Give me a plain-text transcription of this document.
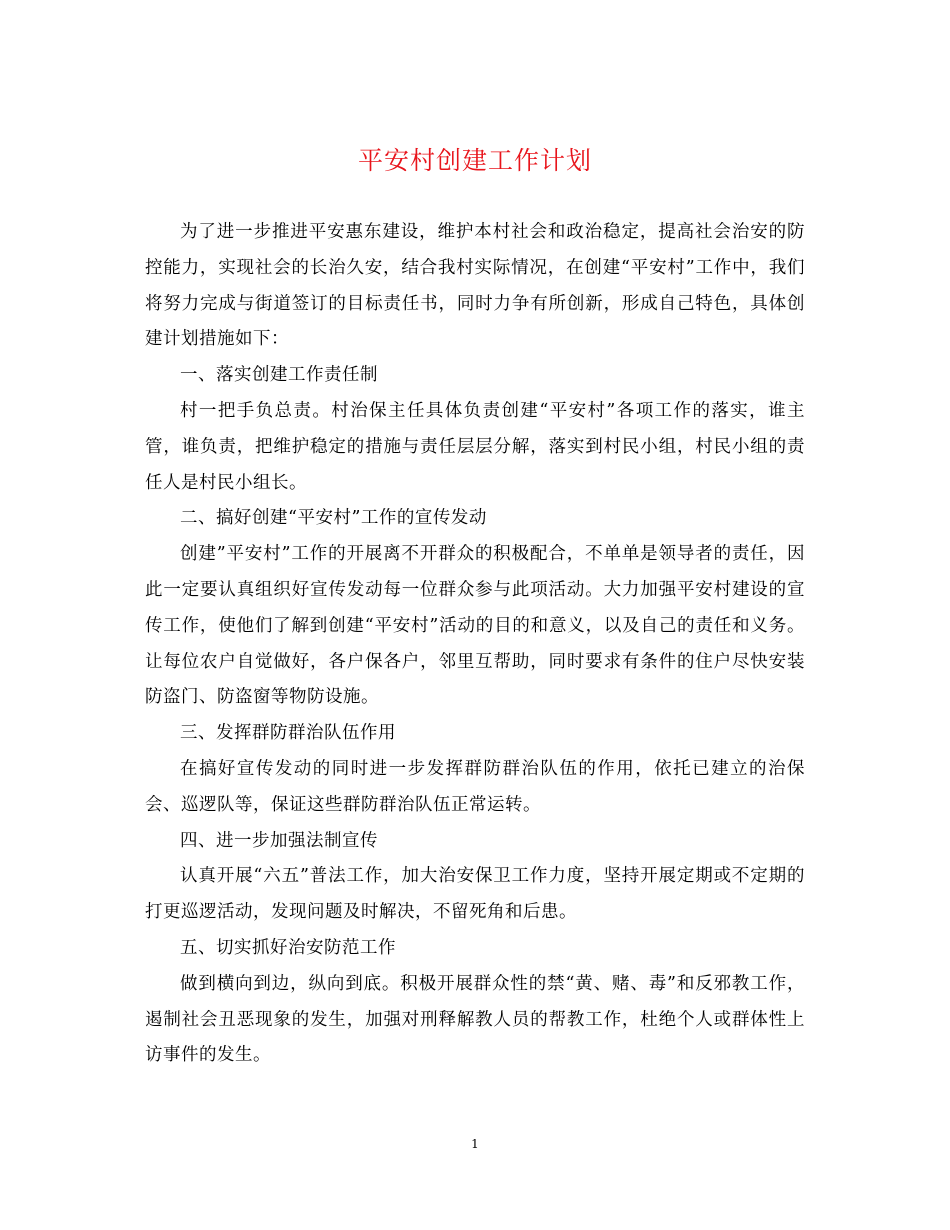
平安村创建工作计划

为了进一步推进平安惠东建设，维护本村社会和政治稳定，提高社会治安的防控能力，实现社会的长治久安，结合我村实际情况，在创建“平安村”工作中，我们将努力完成与街道签订的目标责任书，同时力争有所创新，形成自己特色，具体创建计划措施如下：

一、落实创建工作责任制

村一把手负总责。村治保主任具体负责创建“平安村”各项工作的落实，谁主管，谁负责，把维护稳定的措施与责任层层分解，落实到村民小组，村民小组的责任人是村民小组长。

二、搞好创建“平安村”工作的宣传发动

创建”平安村”工作的开展离不开群众的积极配合，不单单是领导者的责任，因此一定要认真组织好宣传发动每一位群众参与此项活动。大力加强平安村建设的宣传工作，使他们了解到创建“平安村”活动的目的和意义，以及自己的责任和义务。让每位农户自觉做好，各户保各户，邻里互帮助，同时要求有条件的住户尽快安装防盗门、防盗窗等物防设施。

三、发挥群防群治队伍作用

在搞好宣传发动的同时进一步发挥群防群治队伍的作用，依托已建立的治保会、巡逻队等，保证这些群防群治队伍正常运转。

四、进一步加强法制宣传

认真开展“六五”普法工作，加大治安保卫工作力度，坚持开展定期或不定期的打更巡逻活动，发现问题及时解决，不留死角和后患。

五、切实抓好治安防范工作

做到横向到边，纵向到底。积极开展群众性的禁“黄、赌、毒”和反邪教工作，遏制社会丑恶现象的发生，加强对刑释解教人员的帮教工作，杜绝个人或群体性上访事件的发生。

1
